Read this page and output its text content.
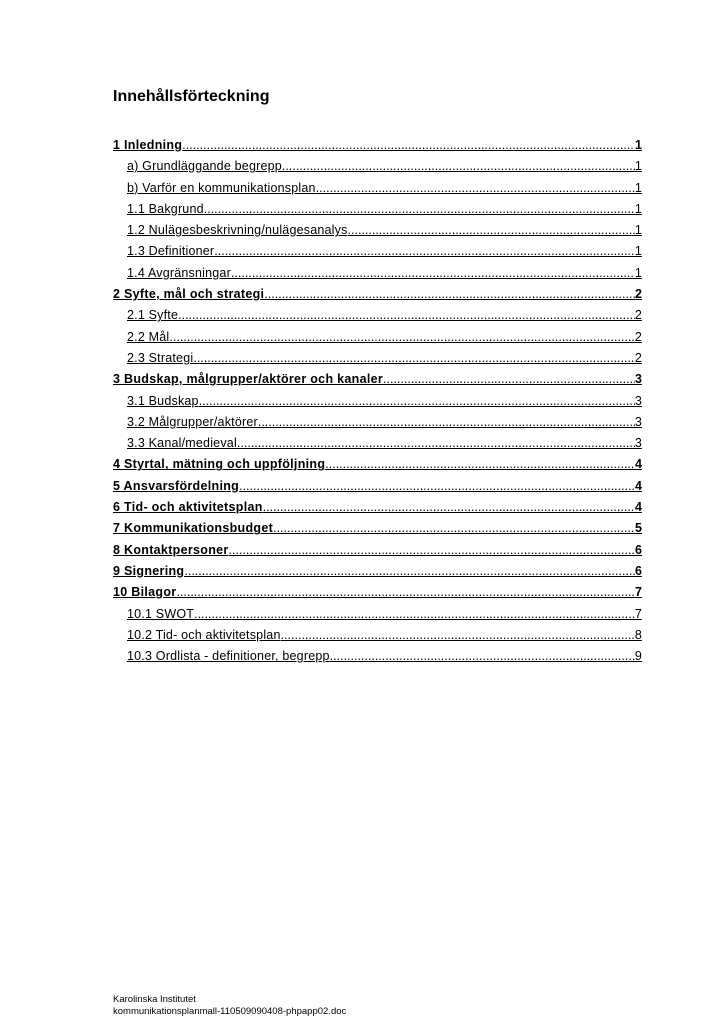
Innehållsförteckning
1 Inledning .....	1
a) Grundläggande begrepp .....	1
b) Varför en kommunikationsplan .....	1
1.1 Bakgrund .....	1
1.2 Nulägesbeskrivning/nulägesanalys .....	1
1.3 Definitioner .....	1
1.4 Avgränsningar .....	1
2 Syfte, mål och strategi .....	2
2.1 Syfte .....	2
2.2 Mål .....	2
2.3 Strategi .....	2
3 Budskap, målgrupper/aktörer och kanaler .....	3
3.1 Budskap .....	3
3.2 Målgrupper/aktörer .....	3
3.3 Kanal/medieval .....	3
4 Styrtal, mätning och uppföljning .....	4
5 Ansvarsfördelning .....	4
6 Tid- och aktivitetsplan .....	4
7 Kommunikationsbudget .....	5
8 Kontaktpersoner .....	6
9 Signering .....	6
10 Bilagor .....	7
10.1 SWOT .....	7
10.2 Tid- och aktivitetsplan .....	8
10.3 Ordlista - definitioner, begrepp .....	9
Karolinska Institutet
kommunikationsplanmall-110509090408-phpapp02.doc
